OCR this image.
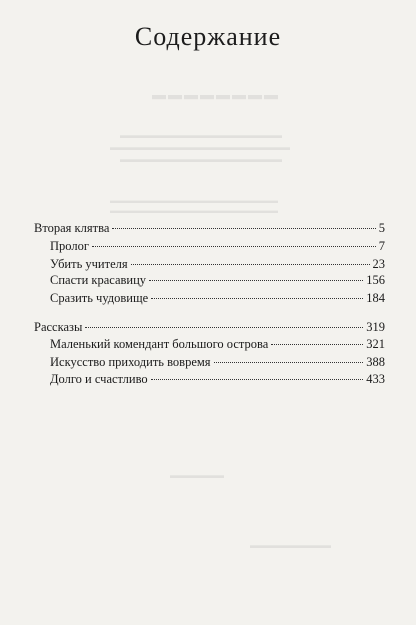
▬▬▬▬▬▬▬▬
▬▬▬▬▬▬▬▬▬▬▬▬▬▬▬▬▬▬
▬▬▬▬▬▬▬▬▬▬▬▬▬▬▬▬▬▬▬▬
▬▬▬▬▬▬▬▬▬▬▬▬▬▬▬▬▬▬
▬▬▬▬▬▬▬▬▬▬▬▬▬▬▬▬▬▬▬▬▬
▬▬▬▬▬▬▬▬▬▬▬▬▬▬▬▬▬▬▬▬▬
▬▬▬▬▬▬
▬▬▬▬▬▬▬▬▬
Содержание
Вторая клятва	5
Пролог	7
Убить учителя	23
Спасти красавицу	156
Сразить чудовище	184
Рассказы	319
Маленький комендант большого острова	321
Искусство приходить вовремя	388
Долго и счастливо	433
